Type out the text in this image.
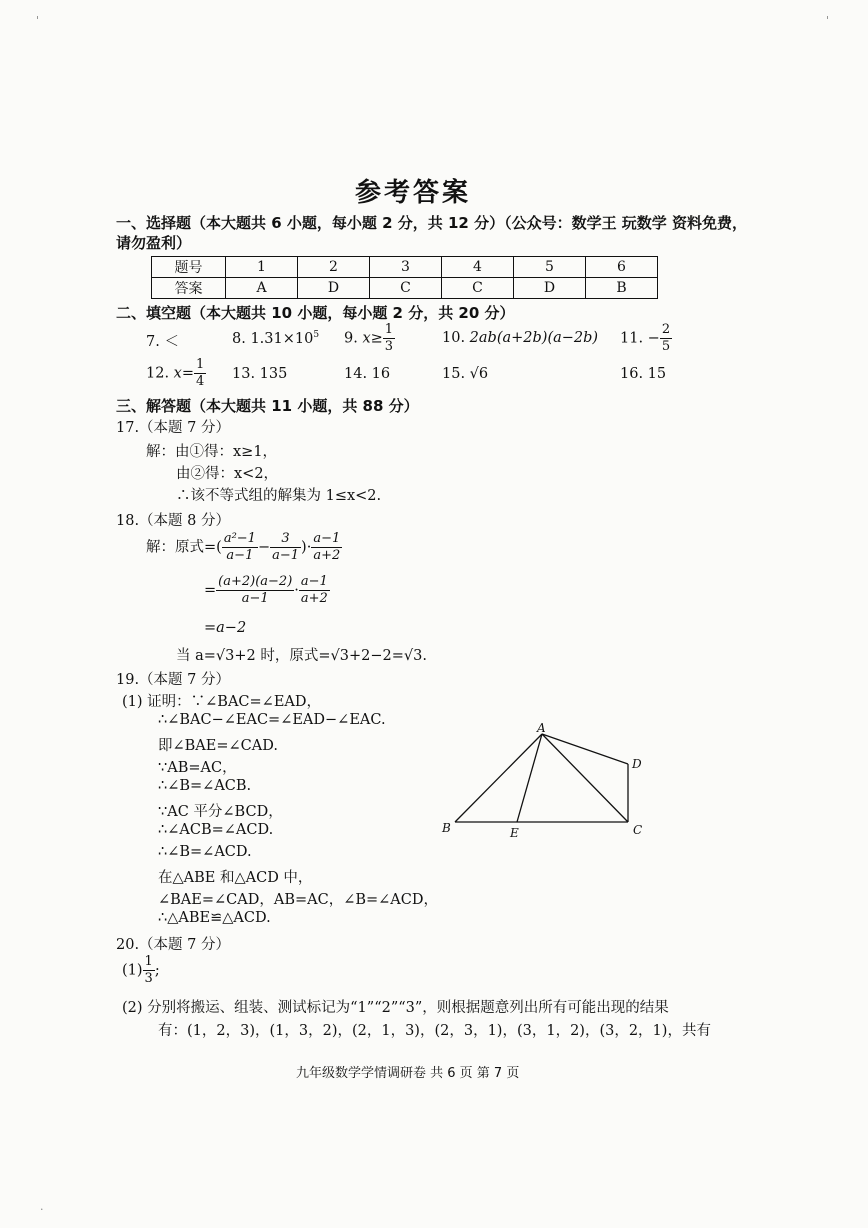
'	'
.
参考答案
一、选择题（本大题共 6 小题，每小题 2 分，共 12 分）（公众号：数学王 玩数学 资料免费，
请勿盈利）
题号	1	2	3	4	5	6
答案	A	D	C	C	D	B
二、填空题（本大题共 10 小题，每小题 2 分，共 20 分）
7. ＜	8. $1.31\times 10^5$ 9. $x\ge \frac{1}{3}$	10. 2ab(a+2b)(a−2b) 11. − $\frac{2}{5}$
12. $x= \frac{1}{4} 13$. 135	14. 16	15. √6	16. 15
三、解答题（本大题共 11 小题，共 88 分）
17.（本题 7 分）
解：由①得：x≥1，
由②得：x<2，
∴该不等式组的解集为 1≤x<2.
18.（本题 8 分）
解：原式=( $\frac{\text{a²−1}}{a-1} - \frac{3}{a-1}$ )· $\frac{a-1}{a+2}$
= $\frac{(a+2)(a-2)}{a-1} \cdot \frac{a-1}{a+2}$
=a−2
当 a=√3+2 时，原式=√3+2−2=√3.
19.（本题 7 分）
(1) 证明：∵∠BAC=∠EAD，
∴∠BAC−∠EAC=∠EAD−∠EAC.
即∠BAE=∠CAD.
∵AB=AC，
∴∠B=∠ACB.
∵AC 平分∠BCD，
∴∠ACB=∠ACD.
∴∠B=∠ACD.
在△ABE 和△ACD 中，
∠BAE=∠CAD，AB=AC，∠B=∠ACD，
∴△ABE≌△ACD.
A
B	C
D
E
20.（本题 7 分）
$(1) \frac{1}{3}$ ;
(2) 分别将搬运、组装、测试标记为“1”“2”“3”，则根据题意列出所有可能出现的结果
有：(1，2，3)，(1，3，2)，(2，1，3)，(2，3，1)，(3，1，2)，(3，2，1)，共有
九年级数学学情调研卷 共 6 页 第 7 页
